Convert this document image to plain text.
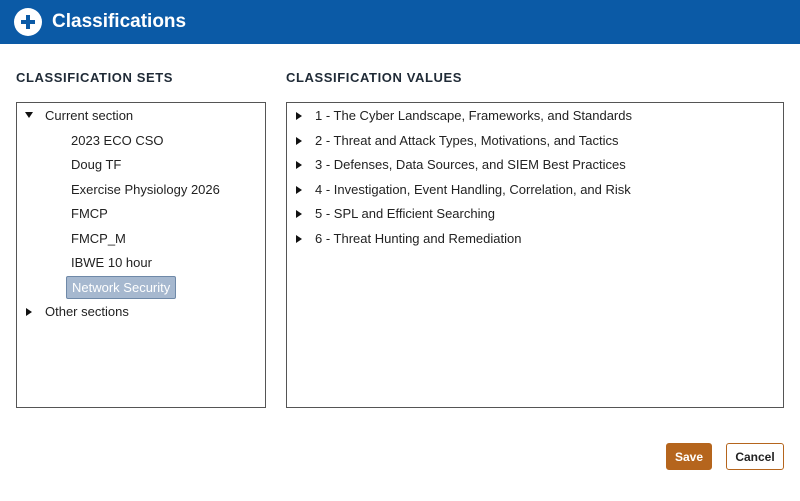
Classifications
CLASSIFICATION SETS	CLASSIFICATION VALUES
Current section
2023 ECO CSO
Doug TF
Exercise Physiology 2026
FMCP
FMCP_M
IBWE 10 hour
Network Security
Other sections
1 - The Cyber Landscape, Frameworks, and Standards
2 - Threat and Attack Types, Motivations, and Tactics
3 - Defenses, Data Sources, and SIEM Best Practices
4 - Investigation, Event Handling, Correlation, and Risk
5 - SPL and Efficient Searching
6 - Threat Hunting and Remediation
Save	Cancel
